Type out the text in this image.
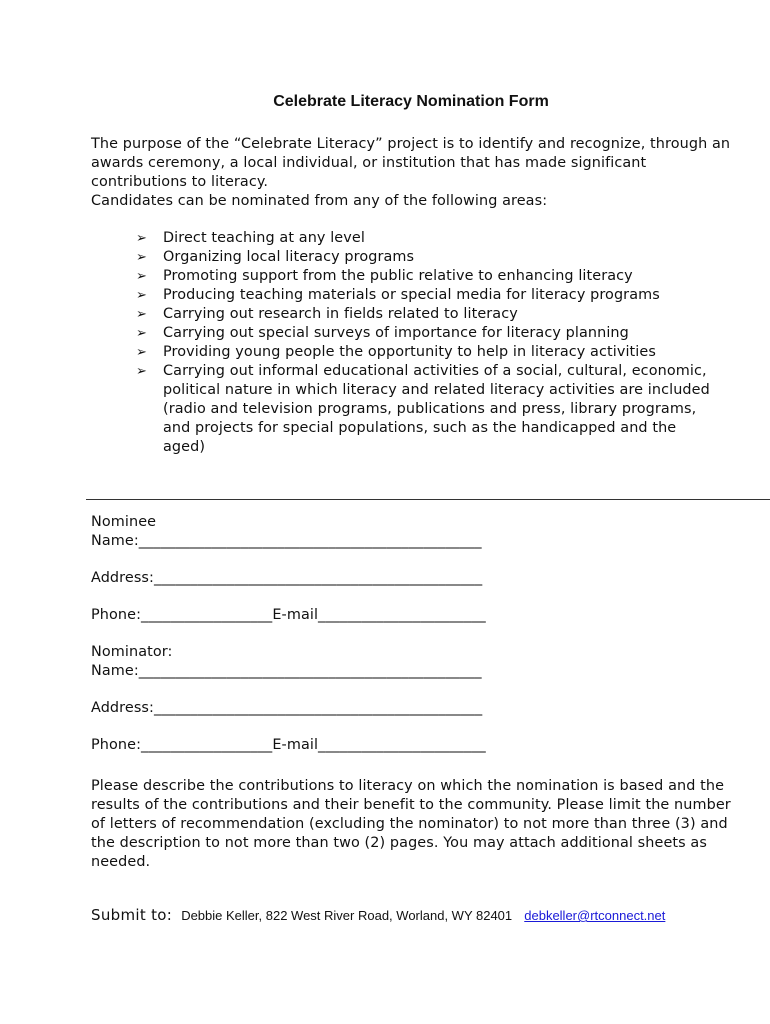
Celebrate Literacy Nomination Form

The purpose of the “Celebrate Literacy” project is to identify and recognize, through an awards ceremony, a local individual, or institution that has made significant contributions to literacy.

Candidates can be nominated from any of the following areas:

➢ Direct teaching at any level
➢ Organizing local literacy programs
➢ Promoting support from the public relative to enhancing literacy
➢ Producing teaching materials or special media for literacy programs
➢ Carrying out research in fields related to literacy
➢ Carrying out special surveys of importance for literacy planning
➢ Providing young people the opportunity to help in literacy activities
➢ Carrying out informal educational activities of a social, cultural, economic, political nature in which literacy and related literacy activities are included (radio and television programs, publications and press, library programs, and projects for special populations, such as the handicapped and the aged)
Nominee
Name:_______________________________________________
Address:_____________________________________________
Phone:__________________E-mail_______________________
Nominator:
Name:_______________________________________________
Address:_____________________________________________
Phone:__________________E-mail_______________________
Please describe the contributions to literacy on which the nomination is based and the results of the contributions and their benefit to the community. Please limit the number of letters of recommendation (excluding the nominator) to not more than three (3) and the description to not more than two (2) pages. You may attach additional sheets as needed.
Submit to: Debbie Keller, 822 West River Road, Worland, WY 82401 debkeller@rtconnect.net
